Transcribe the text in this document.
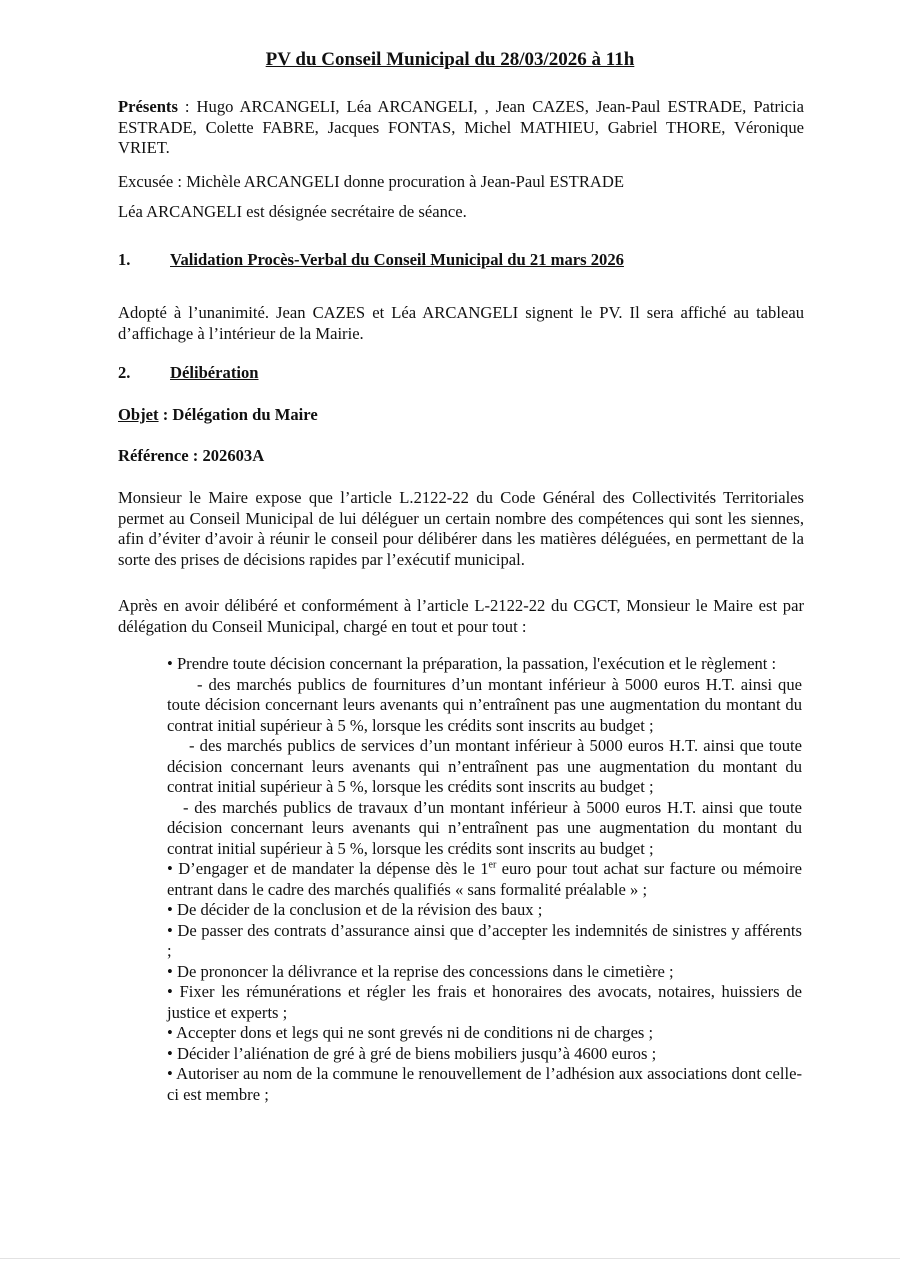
PV du Conseil Municipal du 28/03/2026 à 11h

Présents : Hugo ARCANGELI, Léa ARCANGELI, , Jean CAZES, Jean-Paul ESTRADE, Patricia ESTRADE, Colette FABRE, Jacques FONTAS, Michel MATHIEU, Gabriel THORE, Véronique VRIET.

Excusée : Michèle ARCANGELI donne procuration à Jean-Paul ESTRADE

Léa ARCANGELI est désignée secrétaire de séance.

1. Validation Procès-Verbal du Conseil Municipal du 21 mars 2026

Adopté à l’unanimité. Jean CAZES et Léa ARCANGELI signent le PV. Il sera affiché au tableau d’affichage à l’intérieur de la Mairie.

2. Délibération

Objet : Délégation du Maire

Référence : 202603A

Monsieur le Maire expose que l’article L.2122-22 du Code Général des Collectivités Territoriales permet au Conseil Municipal de lui déléguer un certain nombre des compétences qui sont les siennes, afin d’éviter d’avoir à réunir le conseil pour délibérer dans les matières déléguées, en permettant de la sorte des prises de décisions rapides par l’exécutif municipal.

Après en avoir délibéré et conformément à l’article L-2122-22 du CGCT, Monsieur le Maire est par délégation du Conseil Municipal, chargé en tout et pour tout :

• Prendre toute décision concernant la préparation, la passation, l'exécution et le règlement :

- des marchés publics de fournitures d’un montant inférieur à 5000 euros H.T. ainsi que toute décision concernant leurs avenants qui n’entraînent pas une augmentation du montant du contrat initial supérieur à 5 %, lorsque les crédits sont inscrits au budget ;

- des marchés publics de services d’un montant inférieur à 5000 euros H.T. ainsi que toute décision concernant leurs avenants qui n’entraînent pas une augmentation du montant du contrat initial supérieur à 5 %, lorsque les crédits sont inscrits au budget ;

- des marchés publics de travaux d’un montant inférieur à 5000 euros H.T. ainsi que toute décision concernant leurs avenants qui n’entraînent pas une augmentation du montant du contrat initial supérieur à 5 %, lorsque les crédits sont inscrits au budget ;

• D’engager et de mandater la dépense dès le 1er euro pour tout achat sur facture ou mémoire entrant dans le cadre des marchés qualifiés « sans formalité préalable » ;

• De décider de la conclusion et de la révision des baux ;

• De passer des contrats d’assurance ainsi que d’accepter les indemnités de sinistres y afférents ;

• De prononcer la délivrance et la reprise des concessions dans le cimetière ;

• Fixer les rémunérations et régler les frais et honoraires des avocats, notaires, huissiers de justice et experts ;

• Accepter dons et legs qui ne sont grevés ni de conditions ni de charges ;

• Décider l’aliénation de gré à gré de biens mobiliers jusqu’à 4600 euros ;

• Autoriser au nom de la commune le renouvellement de l’adhésion aux associations dont celle-ci est membre ;
